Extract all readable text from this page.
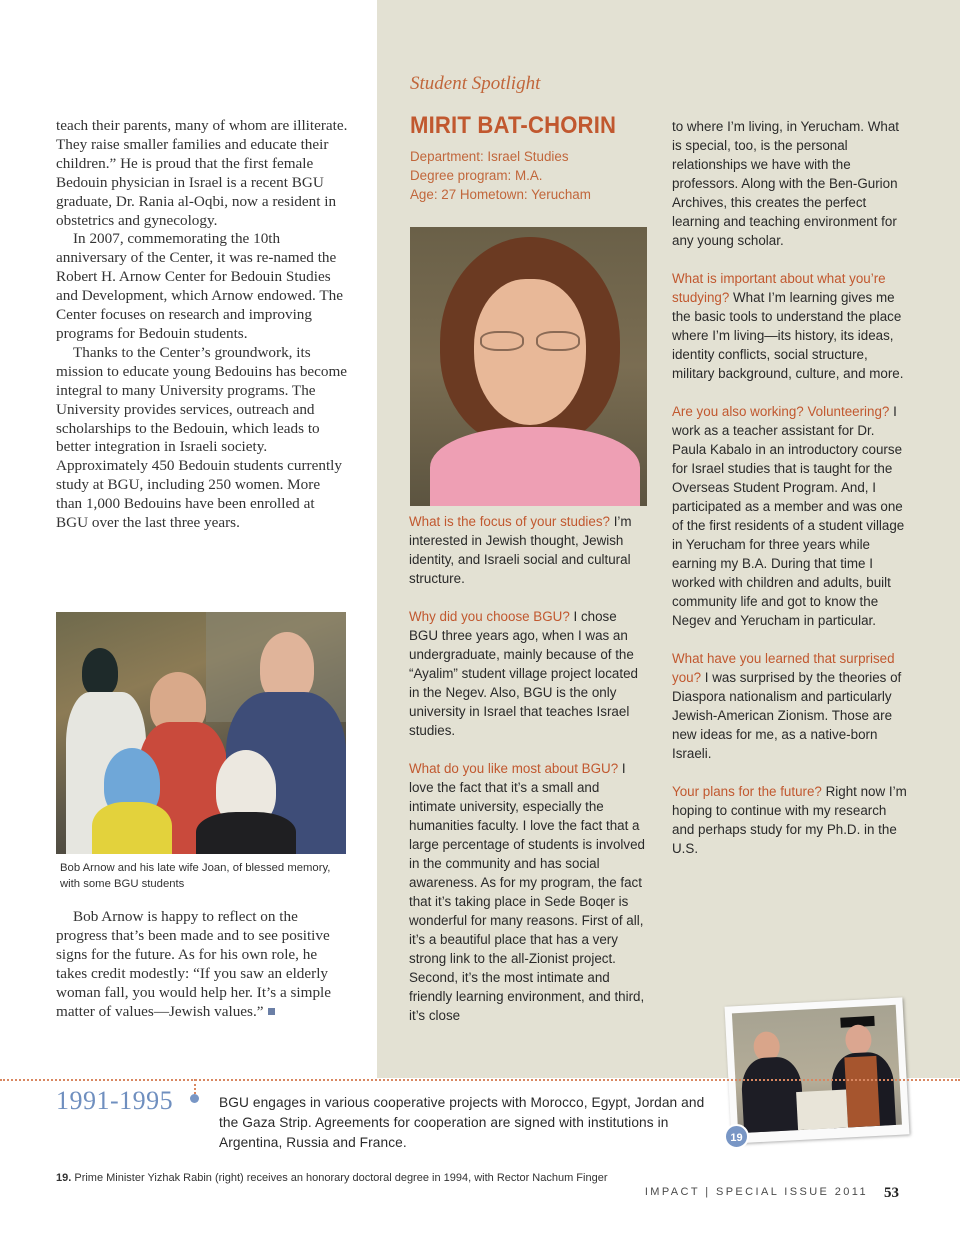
teach their parents, many of whom are illiterate. They raise smaller families and educate their children.” He is proud that the first female Bedouin physician in Israel is a recent BGU graduate, Dr. Rania al-Oqbi, now a resident in obstetrics and gynecology.

In 2007, commemorating the 10th anniversary of the Center, it was re-named the Robert H. Arnow Center for Bedouin Studies and Development, which Arnow endowed. The Center focuses on research and improving programs for Bedouin students.

Thanks to the Center’s groundwork, its mission to educate young Bedouins has become integral to many University programs. The University provides services, outreach and scholarships to the Bedouin, which leads to better integration in Israeli society. Approximately 450 Bedouin students currently study at BGU, including 250 women. More than 1,000 Bedouins have been enrolled at BGU over the last three years.

Bob Arnow and his late wife Joan, of blessed memory, with some BGU students

Bob Arnow is happy to reflect on the progress that’s been made and to see positive signs for the future. As for his own role, he takes credit modestly: “If you saw an elderly woman fall, you would help her. It’s a simple matter of values—Jewish values.”

Student Spotlight
MIRIT BAT-CHORIN
Department: Israel Studies
Degree program: M.A.
Age: 27 Hometown: Yerucham
What is the focus of your studies? I’m interested in Jewish thought, Jewish identity, and Israeli social and cultural structure.
Why did you choose BGU? I chose BGU three years ago, when I was an undergraduate, mainly because of the “Ayalim” student village project located in the Negev. Also, BGU is the only university in Israel that teaches Israel studies.
What do you like most about BGU? I love the fact that it’s a small and intimate university, especially the humanities faculty. I love the fact that a large percentage of students is involved in the community and has social awareness. As for my program, the fact that it’s taking place in Sede Boqer is wonderful for many reasons. First of all, it’s a beautiful place that has a very strong link to the all-Zionist project. Second, it’s the most intimate and friendly learning environment, and third, it’s close
to where I’m living, in Yerucham. What is special, too, is the personal relationships we have with the professors. Along with the Ben-Gurion Archives, this creates the perfect learning and teaching environment for any young scholar.
What is important about what you’re studying? What I’m learning gives me the basic tools to understand the place where I’m living—its history, its ideas, identity conflicts, social structure, military background, culture, and more.
Are you also working? Volunteering? I work as a teacher assistant for Dr. Paula Kabalo in an introductory course for Israel studies that is taught for the Overseas Student Program. And, I participated as a member and was one of the first residents of a student village in Yerucham for three years while earning my B.A. During that time I worked with children and adults, built community life and got to know the Negev and Yerucham in particular.
What have you learned that surprised you? I was surprised by the theories of Diaspora nationalism and particularly Jewish-American Zionism. Those are new ideas for me, as a native-born Israeli.
Your plans for the future? Right now I’m hoping to continue with my research and perhaps study for my Ph.D. in the U.S.
19
1991-1995	BGU engages in various cooperative projects with Morocco, Egypt, Jordan and the Gaza Strip. Agreements for cooperation are signed with institutions in Argentina, Russia and France.
19. Prime Minister Yizhak Rabin (right) receives an honorary doctoral degree in 1994, with Rector Nachum Finger
IMPACT | SPECIAL ISSUE 2011 53
